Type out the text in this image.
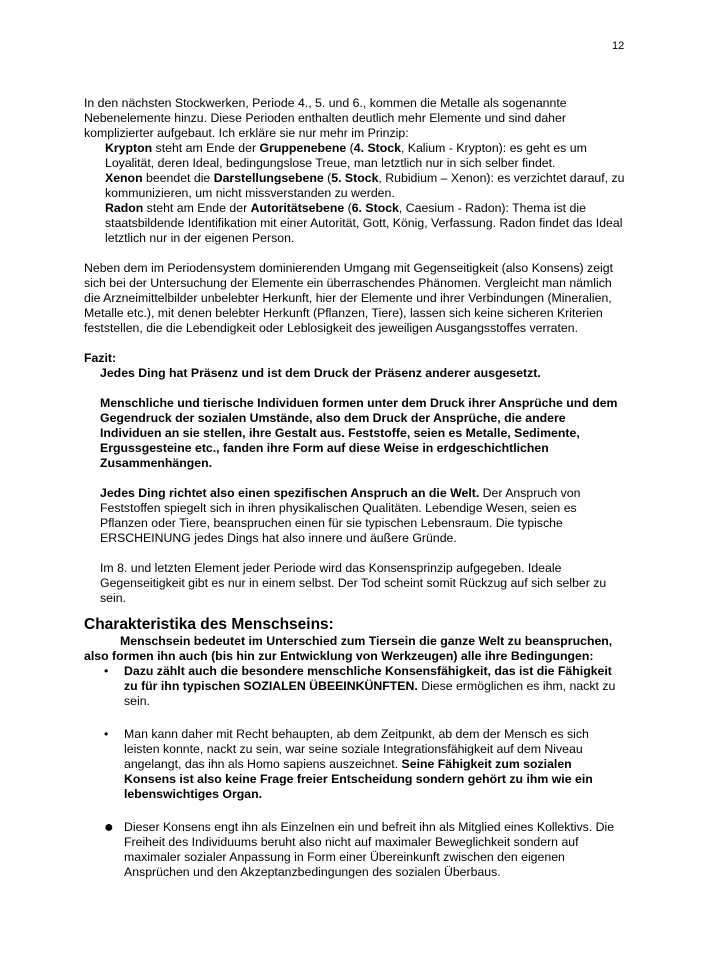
12

In den nächsten Stockwerken, Periode 4., 5. und 6., kommen die Metalle als sogenannte Nebenelemente hinzu. Diese Perioden enthalten deutlich mehr Elemente und sind daher komplizierter aufgebaut. Ich erkläre sie nur mehr im Prinzip:

Krypton steht am Ende der Gruppenebene (4. Stock, Kalium - Krypton): es geht es um Loyalität, deren Ideal, bedingungslose Treue, man letztlich nur in sich selber findet.

Xenon beendet die Darstellungsebene (5. Stock, Rubidium – Xenon): es verzichtet darauf, zu kommunizieren, um nicht missverstanden zu werden.

Radon steht am Ende der Autoritätsebene (6. Stock, Caesium - Radon): Thema ist die staatsbildende Identifikation mit einer Autorität, Gott, König, Verfassung. Radon findet das Ideal letztlich nur in der eigenen Person.

Neben dem im Periodensystem dominierenden Umgang mit Gegenseitigkeit (also Konsens) zeigt sich bei der Untersuchung der Elemente ein überraschendes Phänomen. Vergleicht man nämlich die Arzneimittelbilder unbelebter Herkunft, hier der Elemente und ihrer Verbindungen (Mineralien, Metalle etc.), mit denen belebter Herkunft (Pflanzen, Tiere), lassen sich keine sicheren Kriterien feststellen, die die Lebendigkeit oder Leblosigkeit des jeweiligen Ausgangsstoffes verraten.

Fazit:

Jedes Ding hat Präsenz und ist dem Druck der Präsenz anderer ausgesetzt.

Menschliche und tierische Individuen formen unter dem Druck ihrer Ansprüche und dem Gegendruck der sozialen Umstände, also dem Druck der Ansprüche, die andere Individuen an sie stellen, ihre Gestalt aus. Feststoffe, seien es Metalle, Sedimente, Ergussgesteine etc., fanden ihre Form auf diese Weise in erdgeschichtlichen Zusammenhängen.

Jedes Ding richtet also einen spezifischen Anspruch an die Welt. Der Anspruch von Feststoffen spiegelt sich in ihren physikalischen Qualitäten. Lebendige Wesen, seien es Pflanzen oder Tiere, beanspruchen einen für sie typischen Lebensraum. Die typische ERSCHEINUNG jedes Dings hat also innere und äußere Gründe.

Im 8. und letzten Element jeder Periode wird das Konsensprinzip aufgegeben. Ideale Gegenseitigkeit gibt es nur in einem selbst. Der Tod scheint somit Rückzug auf sich selber zu sein.

Charakteristika des Menschseins:

Menschsein bedeutet im Unterschied zum Tiersein die ganze Welt zu beanspruchen, also formen ihn auch (bis hin zur Entwicklung von Werkzeugen) alle ihre Bedingungen:

•	Dazu zählt auch die besondere menschliche Konsensfähigkeit, das ist die Fähigkeit zu für ihn typischen SOZIALEN ÜBEEINKÜNFTEN. Diese ermöglichen es ihm, nackt zu sein.
•	Man kann daher mit Recht behaupten, ab dem Zeitpunkt, ab dem der Mensch es sich leisten konnte, nackt zu sein, war seine soziale Integrationsfähigkeit auf dem Niveau angelangt, das ihn als Homo sapiens auszeichnet. Seine Fähigkeit zum sozialen Konsens ist also keine Frage freier Entscheidung sondern gehört zu ihm wie ein lebenswichtiges Organ.
● Dieser Konsens engt ihn als Einzelnen ein und befreit ihn als Mitglied eines Kollektivs. Die Freiheit des Individuums beruht also nicht auf maximaler Beweglichkeit sondern auf maximaler sozialer Anpassung in Form einer Übereinkunft zwischen den eigenen Ansprüchen und den Akzeptanzbedingungen des sozialen Überbaus.
